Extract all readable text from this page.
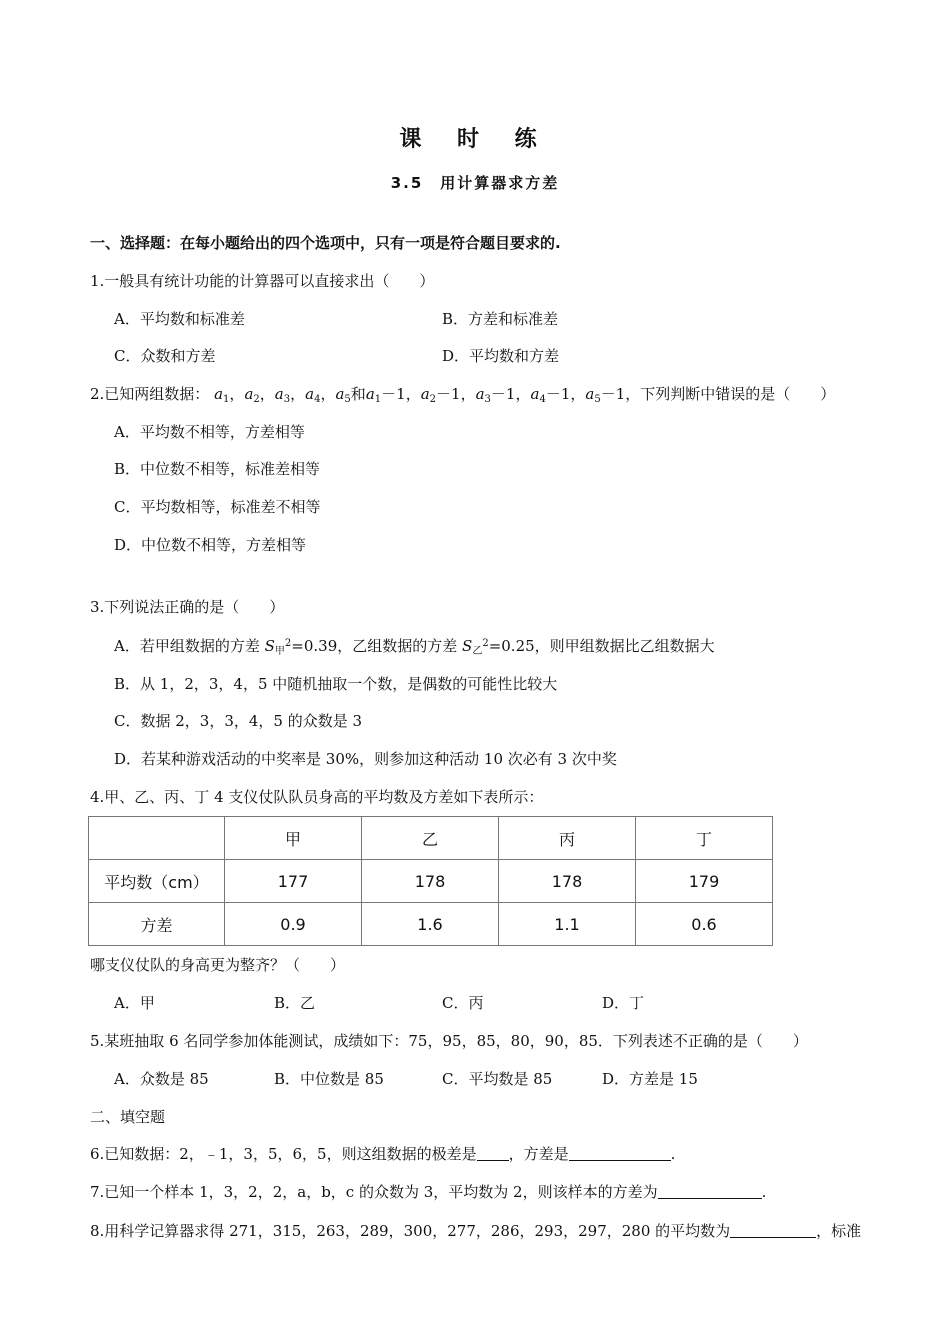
课 时 练
3.5　用计算器求方差
一、选择题：在每小题给出的四个选项中，只有一项是符合题目要求的.
1.一般具有统计功能的计算器可以直接求出（　　）
A．平均数和标准差	B．方差和标准差
C．众数和方差	D．平均数和方差
2.已知两组数据： $a_1$，$a_2$，$a_3$，$a_4$，$a_5$和$a_1-1$，$a_2-1$，$a_3-1$，$a_4-1$，$a_5-1$，下列判断中错误的是（　　）
A．平均数不相等，方差相等
B．中位数不相等，标准差相等
C．平均数相等，标准差不相等
D．中位数不相等，方差相等
3.下列说法正确的是（　　）
A．若甲组数据的方差 $S_甲^2=0.39$，乙组数据的方差 $S_乙^2=0.25$，则甲组数据比乙组数据大
B．从 1，2，3，4，5 中随机抽取一个数，是偶数的可能性比较大
C．数据 2，3，3，4，5 的众数是 3
D．若某种游戏活动的中奖率是 30%，则参加这种活动 10 次必有 3 次中奖
4.甲、乙、丙、丁 4 支仪仗队队员身高的平均数及方差如下表所示：
	甲	乙	丙	丁
平均数（cm）	177	178	178	179
方差	0.9	1.6	1.1	0.6
哪支仪仗队的身高更为整齐？（　　）
A．甲	B．乙	C．丙	D．丁
5.某班抽取 6 名同学参加体能测试，成绩如下：75，95，85，80，90，85．下列表述不正确的是（　　）
A．众数是 85	B．中位数是 85	C．平均数是 85	D．方差是 15
二、填空题
6.已知数据：2，﹣1，3，5，6，5，则这组数据的极差是 ，方差是	.
7.已知一个样本 1，3，2，2，a，b，c 的众数为 3，平均数为 2，则该样本的方差为	.
8.用科学记算器求得 271，315，263，289，300，277，286，293，297，280 的平均数为	，标准
